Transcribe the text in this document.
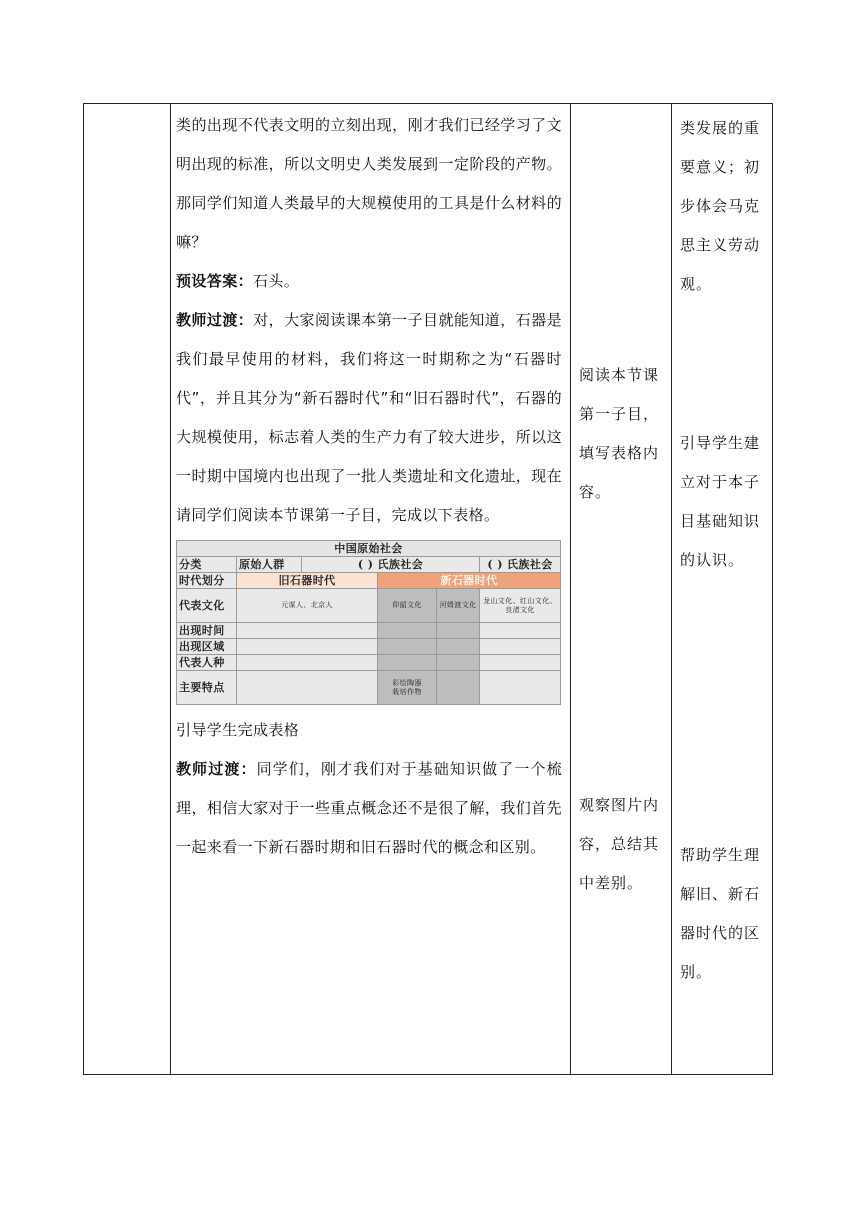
类的出现不代表文明的立刻出现，刚才我们已经学习了文明出现的标准，所以文明史人类发展到一定阶段的产物。那同学们知道人类最早的大规模使用的工具是什么材料的嘛？

预设答案：石头。

教师过渡：对，大家阅读课本第一子目就能知道，石器是我们最早使用的材料，我们将这一时期称之为“石器时代”，并且其分为“新石器时代”和“旧石器时代”，石器的大规模使用，标志着人类的生产力有了较大进步，所以这一时期中国境内也出现了一批人类遗址和文化遗址，现在请同学们阅读本节课第一子目，完成以下表格。

中国原始社会
分类	原始人群	( ) 氏族社会	( ) 氏族社会
时代划分	旧石器时代	新石器时代
代表文化	元谋人、北京人	仰韶文化	河姆渡文化	龙山文化、红山文化、良渚文化
出现时间				
出现区域				
代表人种				
主要特点		彩绘陶器
栽培作物		

引导学生完成表格

教师过渡：同学们，刚才我们对于基础知识做了一个梳理，相信大家对于一些重点概念还不是很了解，我们首先一起来看一下新石器时期和旧石器时代的概念和区别。

阅读本节课
第一子目，
填写表格内
容。
观察图片内
容，总结其
中差别。

类发展的重
要意义；初
步体会马克
思主义劳动
观。
引导学生建
立对于本子
目基础知识
的认识。
帮助学生理
解旧、新石
器时代的区
别。
